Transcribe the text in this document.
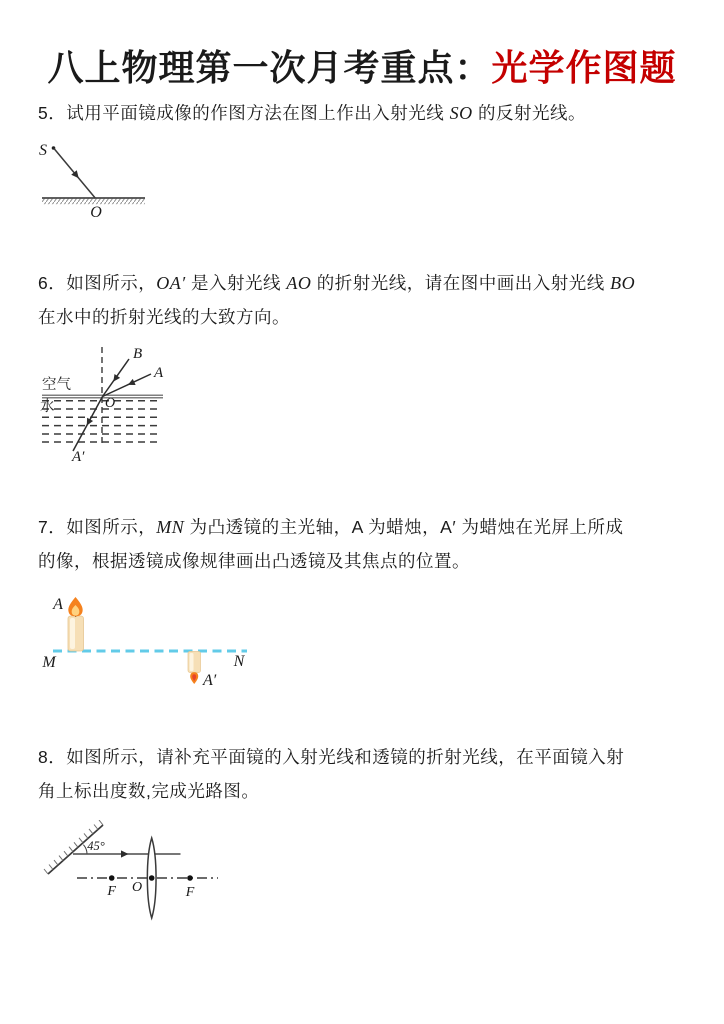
八上物理第一次月考重点：光学作图题
5．试用平面镜成像的作图方法在图上作出入射光线 SO 的反射光线。
S
O
6．如图所示，OA′ 是入射光线 AO 的折射光线，请在图中画出入射光线 BO
在水中的折射光线的大致方向。
B
A
空气
水	O
A′
7．如图所示，MN 为凸透镜的主光轴，A 为蜡烛，A′ 为蜡烛在光屏上所成
的像，根据透镜成像规律画出凸透镜及其焦点的位置。
A
M	N
A′
8．如图所示，请补充平面镜的入射光线和透镜的折射光线，在平面镜入射
角上标出度数,完成光路图。
45°
O
F	F
